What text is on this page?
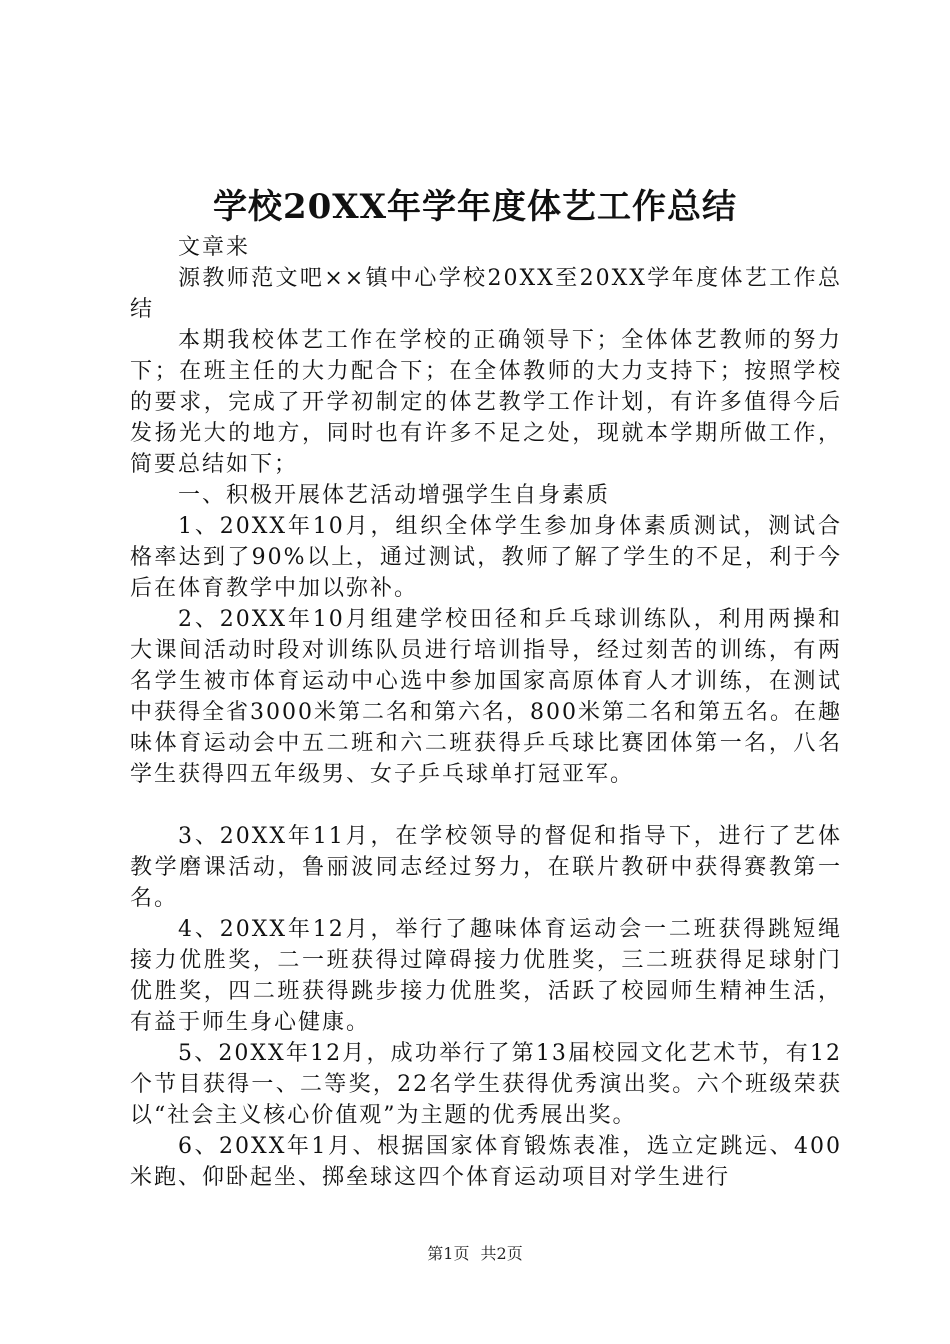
学校20XX年学年度体艺工作总结

文章来

源教师范文吧××镇中心学校20XX至20XX学年度体艺工作总结

本期我校体艺工作在学校的正确领导下；全体体艺教师的努力下；在班主任的大力配合下；在全体教师的大力支持下；按照学校的要求，完成了开学初制定的体艺教学工作计划，有许多值得今后发扬光大的地方，同时也有许多不足之处，现就本学期所做工作，简要总结如下；

一、积极开展体艺活动增强学生自身素质

1、20XX年10月，组织全体学生参加身体素质测试，测试合格率达到了90%以上，通过测试，教师了解了学生的不足，利于今后在体育教学中加以弥补。

2、20XX年10月组建学校田径和乒乓球训练队，利用两操和大课间活动时段对训练队员进行培训指导，经过刻苦的训练，有两名学生被市体育运动中心选中参加国家高原体育人才训练，在测试中获得全省3000米第二名和第六名，800米第二名和第五名。在趣味体育运动会中五二班和六二班获得乒乓球比赛团体第一名，八名学生获得四五年级男、女子乒乓球单打冠亚军。

3、20XX年11月，在学校领导的督促和指导下，进行了艺体教学磨课活动，鲁丽波同志经过努力，在联片教研中获得赛教第一名。

4、20XX年12月，举行了趣味体育运动会一二班获得跳短绳接力优胜奖，二一班获得过障碍接力优胜奖，三二班获得足球射门优胜奖，四二班获得跳步接力优胜奖，活跃了校园师生精神生活，有益于师生身心健康。

5、20XX年12月，成功举行了第13届校园文化艺术节，有12个节目获得一、二等奖，22名学生获得优秀演出奖。六个班级荣获以“社会主义核心价值观”为主题的优秀展出奖。

6、20XX年1月、根据国家体育锻炼表准，选立定跳远、400米跑、仰卧起坐、掷垒球这四个体育运动项目对学生进行

第1页 共2页
